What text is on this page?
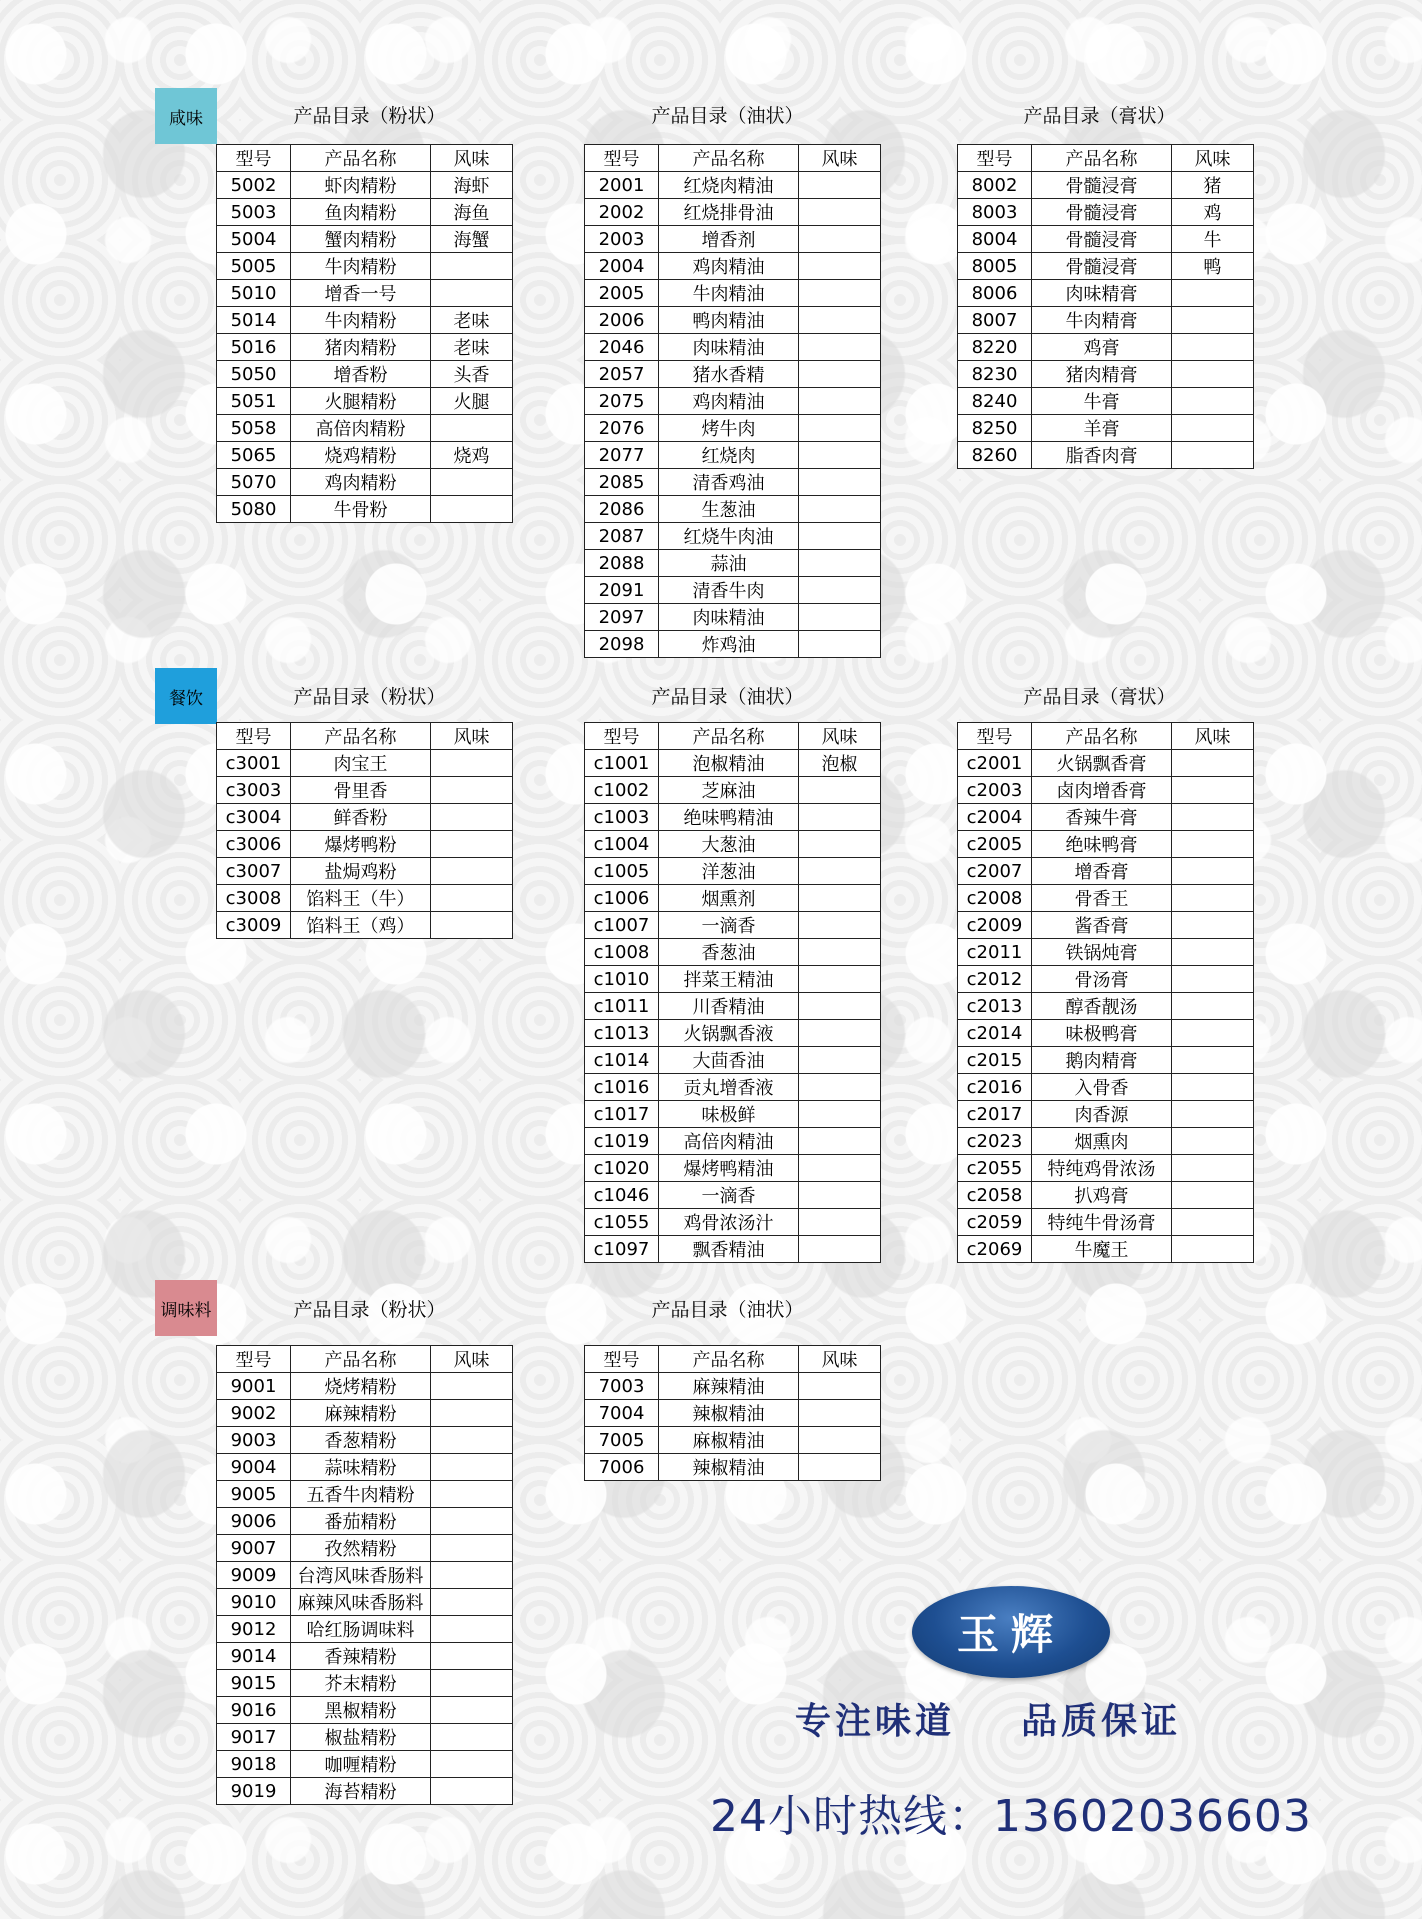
咸味
餐饮
调味料
产品目录（粉状）	产品目录（油状）	产品目录（膏状）
产品目录（粉状）	产品目录（油状）	产品目录（膏状）
产品目录（粉状）	产品目录（油状）
型号	产品名称	风味
5002	虾肉精粉	海虾
5003	鱼肉精粉	海鱼
5004	蟹肉精粉	海蟹
5005	牛肉精粉	
5010	增香一号	
5014	牛肉精粉	老味
5016	猪肉精粉	老味
5050	增香粉	头香
5051	火腿精粉	火腿
5058	高倍肉精粉	
5065	烧鸡精粉	烧鸡
5070	鸡肉精粉	
5080	牛骨粉	
型号	产品名称	风味
2001	红烧肉精油	
2002	红烧排骨油	
2003	增香剂	
2004	鸡肉精油	
2005	牛肉精油	
2006	鸭肉精油	
2046	肉味精油	
2057	猪水香精	
2075	鸡肉精油	
2076	烤牛肉	
2077	红烧肉	
2085	清香鸡油	
2086	生葱油	
2087	红烧牛肉油	
2088	蒜油	
2091	清香牛肉	
2097	肉味精油	
2098	炸鸡油	
型号	产品名称	风味
8002	骨髓浸膏	猪
8003	骨髓浸膏	鸡
8004	骨髓浸膏	牛
8005	骨髓浸膏	鸭
8006	肉味精膏	
8007	牛肉精膏	
8220	鸡膏	
8230	猪肉精膏	
8240	牛膏	
8250	羊膏	
8260	脂香肉膏	
型号	产品名称	风味
c3001	肉宝王	
c3003	骨里香	
c3004	鲜香粉	
c3006	爆烤鸭粉	
c3007	盐焗鸡粉	
c3008	馅料王（牛）	
c3009	馅料王（鸡）	
型号	产品名称	风味
c1001	泡椒精油	泡椒
c1002	芝麻油	
c1003	绝味鸭精油	
c1004	大葱油	
c1005	洋葱油	
c1006	烟熏剂	
c1007	一滴香	
c1008	香葱油	
c1010	拌菜王精油	
c1011	川香精油	
c1013	火锅飘香液	
c1014	大茴香油	
c1016	贡丸增香液	
c1017	味极鲜	
c1019	高倍肉精油	
c1020	爆烤鸭精油	
c1046	一滴香	
c1055	鸡骨浓汤汁	
c1097	飘香精油	
型号	产品名称	风味
c2001	火锅飘香膏	
c2003	卤肉增香膏	
c2004	香辣牛膏	
c2005	绝味鸭膏	
c2007	增香膏	
c2008	骨香王	
c2009	酱香膏	
c2011	铁锅炖膏	
c2012	骨汤膏	
c2013	醇香靓汤	
c2014	味极鸭膏	
c2015	鹅肉精膏	
c2016	入骨香	
c2017	肉香源	
c2023	烟熏肉	
c2055	特纯鸡骨浓汤	
c2058	扒鸡膏	
c2059	特纯牛骨汤膏	
c2069	牛魔王	
型号	产品名称	风味
9001	烧烤精粉	
9002	麻辣精粉	
9003	香葱精粉	
9004	蒜味精粉	
9005	五香牛肉精粉	
9006	番茄精粉	
9007	孜然精粉	
9009	台湾风味香肠料	
9010	麻辣风味香肠料	
9012	哈红肠调味料	
9014	香辣精粉	
9015	芥末精粉	
9016	黑椒精粉	
9017	椒盐精粉	
9018	咖喱精粉	
9019	海苔精粉	
型号	产品名称	风味
7003	麻辣精油	
7004	辣椒精油	
7005	麻椒精油	
7006	辣椒精油	
玉辉
专注味道    品质保证
24小时热线：13602036603
